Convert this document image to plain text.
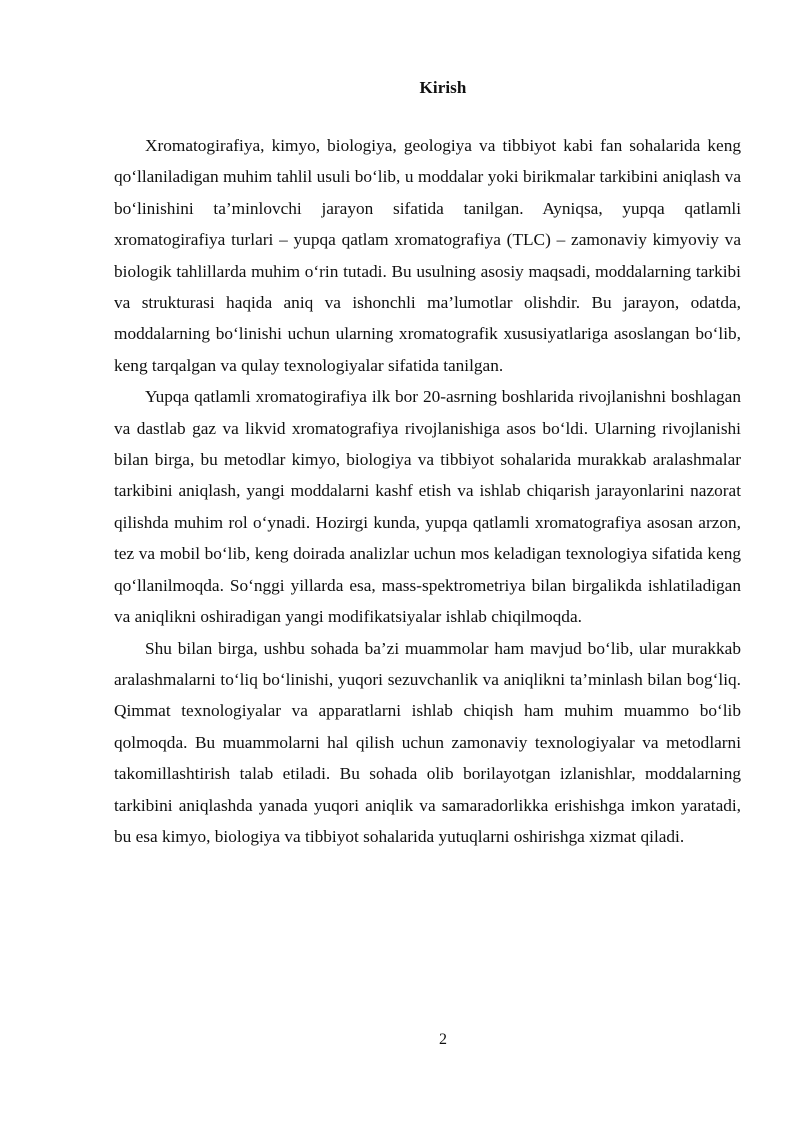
Kirish

Xromatogirafiya, kimyo, biologiya, geologiya va tibbiyot kabi fan sohalarida keng qo‘llaniladigan muhim tahlil usuli bo‘lib, u moddalar yoki birikmalar tarkibini aniqlash va bo‘linishini ta’minlovchi jarayon sifatida tanilgan. Ayniqsa, yupqa qatlamli xromatogirafiya turlari – yupqa qatlam xromatografiya (TLC) – zamonaviy kimyoviy va biologik tahlillarda muhim o‘rin tutadi. Bu usulning asosiy maqsadi, moddalarning tarkibi va strukturasi haqida aniq va ishonchli ma’lumotlar olishdir. Bu jarayon, odatda, moddalarning bo‘linishi uchun ularning xromatografik xususiyatlariga asoslangan bo‘lib, keng tarqalgan va qulay texnologiyalar sifatida tanilgan.

Yupqa qatlamli xromatogirafiya ilk bor 20-asrning boshlarida rivojlanishni boshlagan va dastlab gaz va likvid xromatografiya rivojlanishiga asos bo‘ldi. Ularning rivojlanishi bilan birga, bu metodlar kimyo, biologiya va tibbiyot sohalarida murakkab aralashmalar tarkibini aniqlash, yangi moddalarni kashf etish va ishlab chiqarish jarayonlarini nazorat qilishda muhim rol o‘ynadi. Hozirgi kunda, yupqa qatlamli xromatografiya asosan arzon, tez va mobil bo‘lib, keng doirada analizlar uchun mos keladigan texnologiya sifatida keng qo‘llanilmoqda. So‘nggi yillarda esa, mass-spektrometriya bilan birgalikda ishlatiladigan va aniqlikni oshiradigan yangi modifikatsiyalar ishlab chiqilmoqda.

Shu bilan birga, ushbu sohada ba’zi muammolar ham mavjud bo‘lib, ular murakkab aralashmalarni to‘liq bo‘linishi, yuqori sezuvchanlik va aniqlikni ta’minlash bilan bog‘liq. Qimmat texnologiyalar va apparatlarni ishlab chiqish ham muhim muammo bo‘lib qolmoqda. Bu muammolarni hal qilish uchun zamonaviy texnologiyalar va metodlarni takomillashtirish talab etiladi. Bu sohada olib borilayotgan izlanishlar, moddalarning tarkibini aniqlashda yanada yuqori aniqlik va samaradorlikka erishishga imkon yaratadi, bu esa kimyo, biologiya va tibbiyot sohalarida yutuqlarni oshirishga xizmat qiladi.

2
